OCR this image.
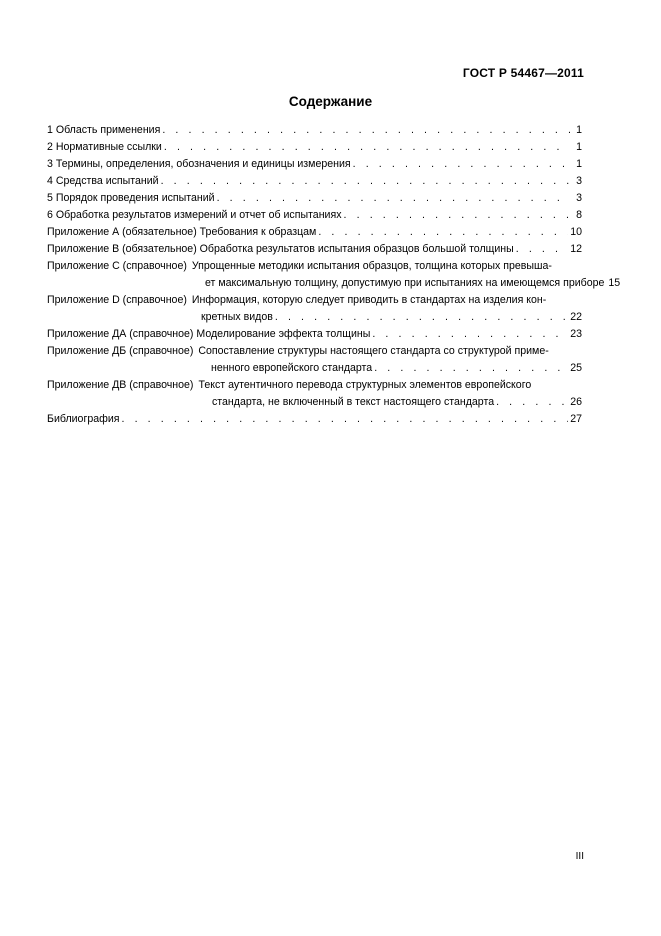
ГОСТ Р 54467—2011
Содержание
1 Область применения . . .	1
2 Нормативные ссылки . . .	1
3 Термины, определения, обозначения и единицы измерения . . .	1
4 Средства испытаний . . .	3
5 Порядок проведения испытаний . . .	3
6 Обработка результатов измерений и отчет об испытаниях . . .	8
Приложение А (обязательное) Требования к образцам . . .	10
Приложение В (обязательное) Обработка результатов испытания образцов большой толщины . . .	12
Приложение С (справочное) Упрощенные методики испытания образцов, толщина которых превыша-
ет максимальную толщину, допустимую при испытаниях на имеющемся приборе 15
Приложение D (справочное) Информация, которую следует приводить в стандартах на изделия кон-
кретных видов . . .	22
Приложение ДА (справочное) Моделирование эффекта толщины . . .	23
Приложение ДБ (справочное) Сопоставление структуры настоящего стандарта со структурой приме-
ненного европейского стандарта . . .	25
Приложение ДВ (справочное) Текст аутентичного перевода структурных элементов европейского
стандарта, не включенный в текст настоящего стандарта . . .	26
Библиография . . .	27
III
